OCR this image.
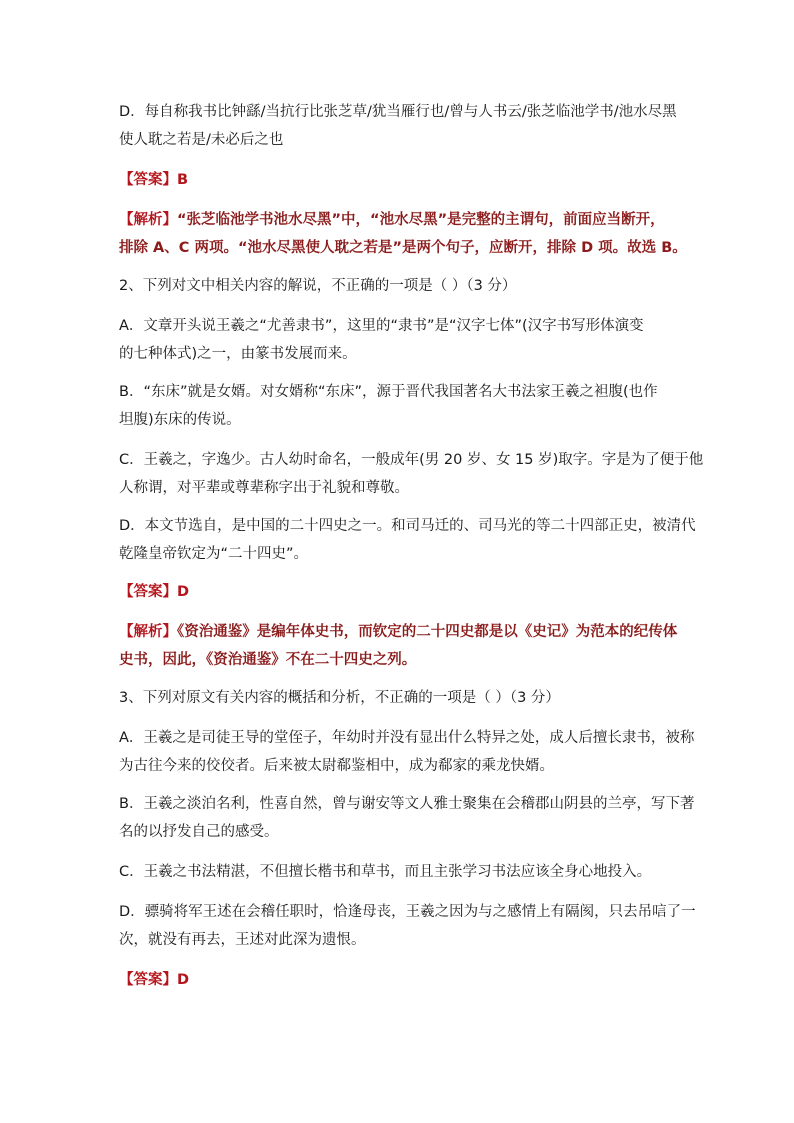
D．每自称我书比钟繇/当抗行比张芝草/犹当雁行也/曾与人书云/张芝临池学书/池水尽黑
使人耽之若是/未必后之也

【答案】B

【解析】“张芝临池学书池水尽黑”中，“池水尽黑”是完整的主谓句，前面应当断开，
排除 A、C 两项。“池水尽黑使人耽之若是”是两个句子，应断开，排除 D 项。故选 B。

2、下列对文中相关内容的解说，不正确的一项是（ ）（3 分）

A．文章开头说王羲之“尤善隶书”，这里的“隶书”是“汉字七体”(汉字书写形体演变
的七种体式)之一，由篆书发展而来。

B．“东床”就是女婿。对女婿称“东床”，源于晋代我国著名大书法家王羲之袒腹(也作
坦腹)东床的传说。

C．王羲之，字逸少。古人幼时命名，一般成年(男 20 岁、女 15 岁)取字。字是为了便于他
人称谓，对平辈或尊辈称字出于礼貌和尊敬。

D．本文节选自，是中国的二十四史之一。和司马迁的、司马光的等二十四部正史，被清代
乾隆皇帝钦定为“二十四史”。

【答案】D

【解析】《资治通鉴》是编年体史书，而钦定的二十四史都是以《史记》为范本的纪传体
史书，因此，《资治通鉴》不在二十四史之列。

3、下列对原文有关内容的概括和分析，不正确的一项是（ ）（3 分）

A．王羲之是司徒王导的堂侄子，年幼时并没有显出什么特异之处，成人后擅长隶书，被称
为古往今来的佼佼者。后来被太尉郗鉴相中，成为郗家的乘龙快婿。

B．王羲之淡泊名利，性喜自然，曾与谢安等文人雅士聚集在会稽郡山阴县的兰亭，写下著
名的以抒发自己的感受。

C．王羲之书法精湛，不但擅长楷书和草书，而且主张学习书法应该全身心地投入。

D．骠骑将军王述在会稽任职时，恰逢母丧，王羲之因为与之感情上有隔阂，只去吊唁了一
次，就没有再去，王述对此深为遗恨。

【答案】D
